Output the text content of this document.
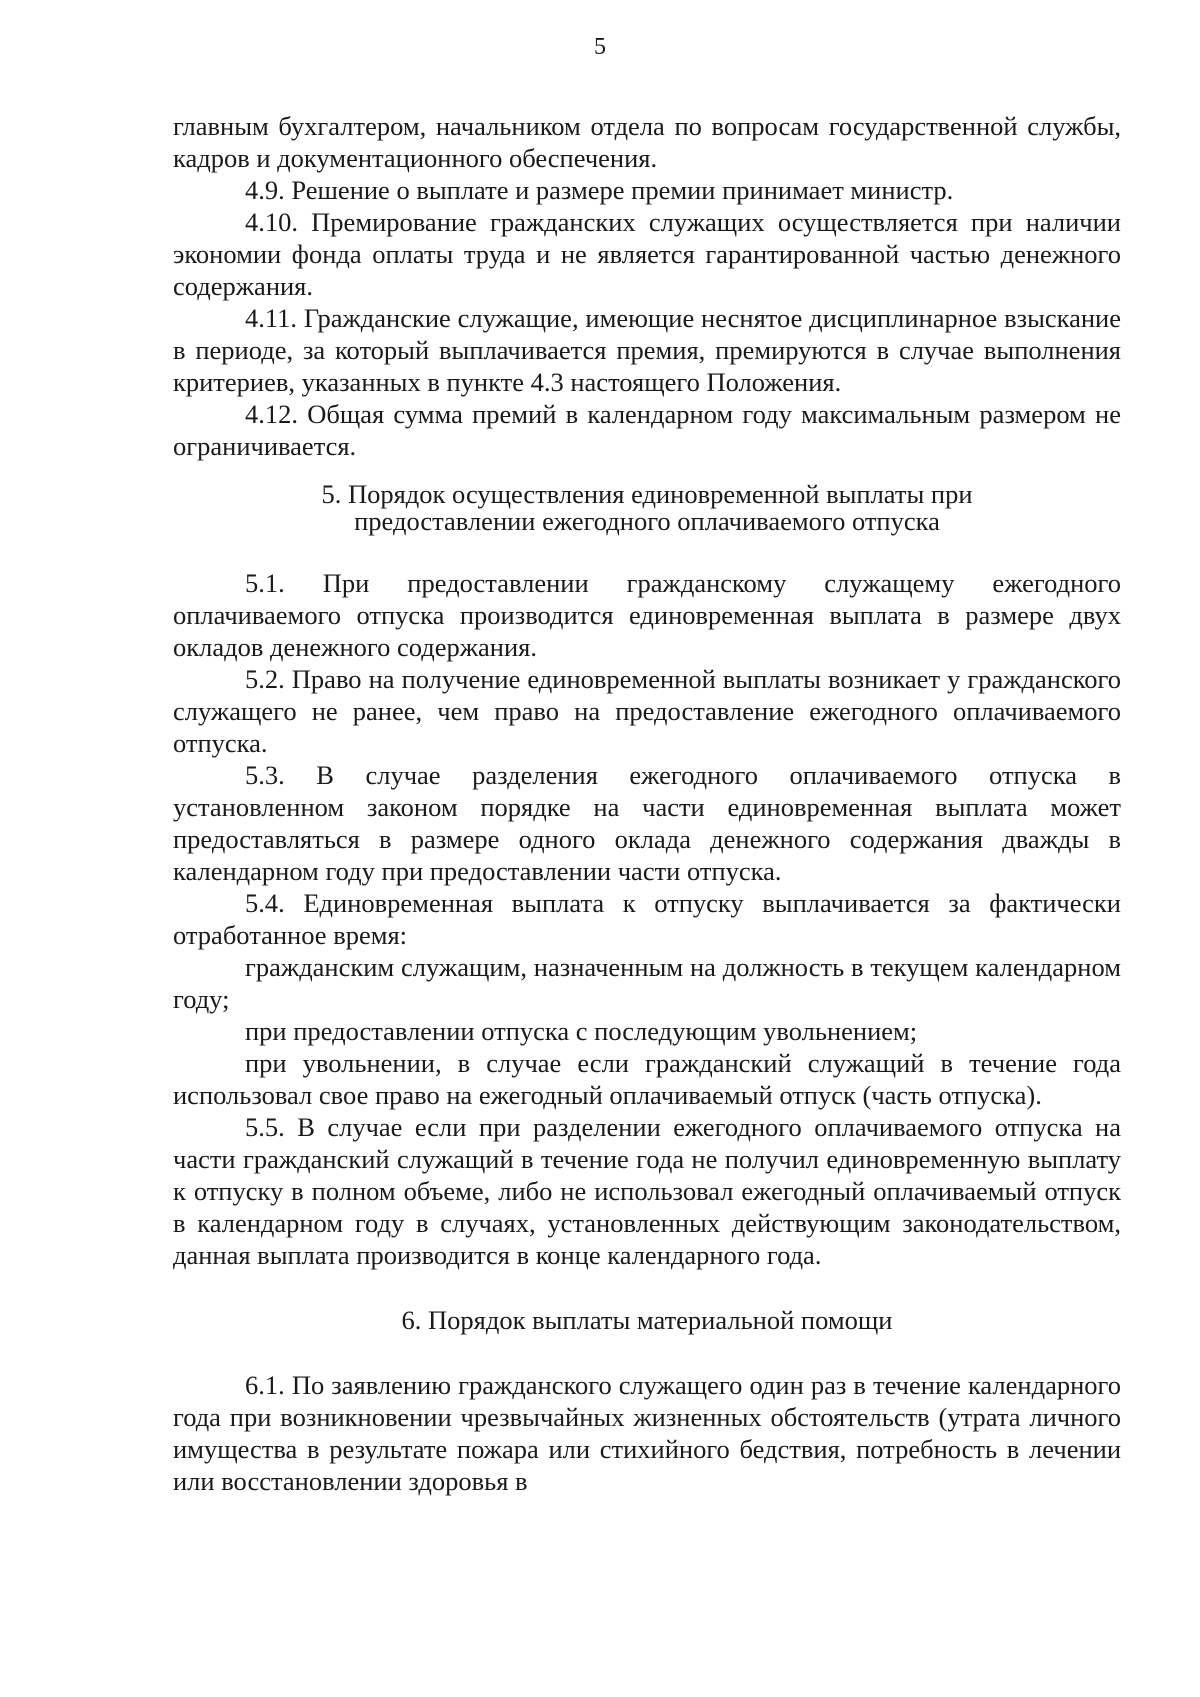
5

главным бухгалтером, начальником отдела по вопросам государственной службы, кадров и документационного обеспечения.

4.9. Решение о выплате и размере премии принимает министр.

4.10. Премирование гражданских служащих осуществляется при наличии экономии фонда оплаты труда и не является гарантированной частью денежного содержания.

4.11. Гражданские служащие, имеющие неснятое дисциплинарное взыскание в периоде, за который выплачивается премия, премируются в случае выполнения критериев, указанных в пункте 4.3 настоящего Положения.

4.12. Общая сумма премий в календарном году максимальным размером не ограничивается.

5. Порядок осуществления единовременной выплаты при

предоставлении ежегодного оплачиваемого отпуска

5.1. При предоставлении гражданскому служащему ежегодного оплачиваемого отпуска производится единовременная выплата в размере двух окладов денежного содержания.

5.2. Право на получение единовременной выплаты возникает у гражданского служащего не ранее, чем право на предоставление ежегодного оплачиваемого отпуска.

5.3. В случае разделения ежегодного оплачиваемого отпуска в установленном законом порядке на части единовременная выплата может предоставляться в размере одного оклада денежного содержания дважды в календарном году при предоставлении части отпуска.

5.4. Единовременная выплата к отпуску выплачивается за фактически отработанное время:

гражданским служащим, назначенным на должность в текущем календарном году;

при предоставлении отпуска с последующим увольнением;

при увольнении, в случае если гражданский служащий в течение года использовал свое право на ежегодный оплачиваемый отпуск (часть отпуска).

5.5. В случае если при разделении ежегодного оплачиваемого отпуска на части гражданский служащий в течение года не получил единовременную выплату к отпуску в полном объеме, либо не использовал ежегодный оплачиваемый отпуск в календарном году в случаях, установленных действующим законодательством, данная выплата производится в конце календарного года.

6. Порядок выплаты материальной помощи

6.1. По заявлению гражданского служащего один раз в течение календарного года при возникновении чрезвычайных жизненных обстоятельств (утрата личного имущества в результате пожара или стихийного бедствия, потребность в лечении или восстановлении здоровья в
